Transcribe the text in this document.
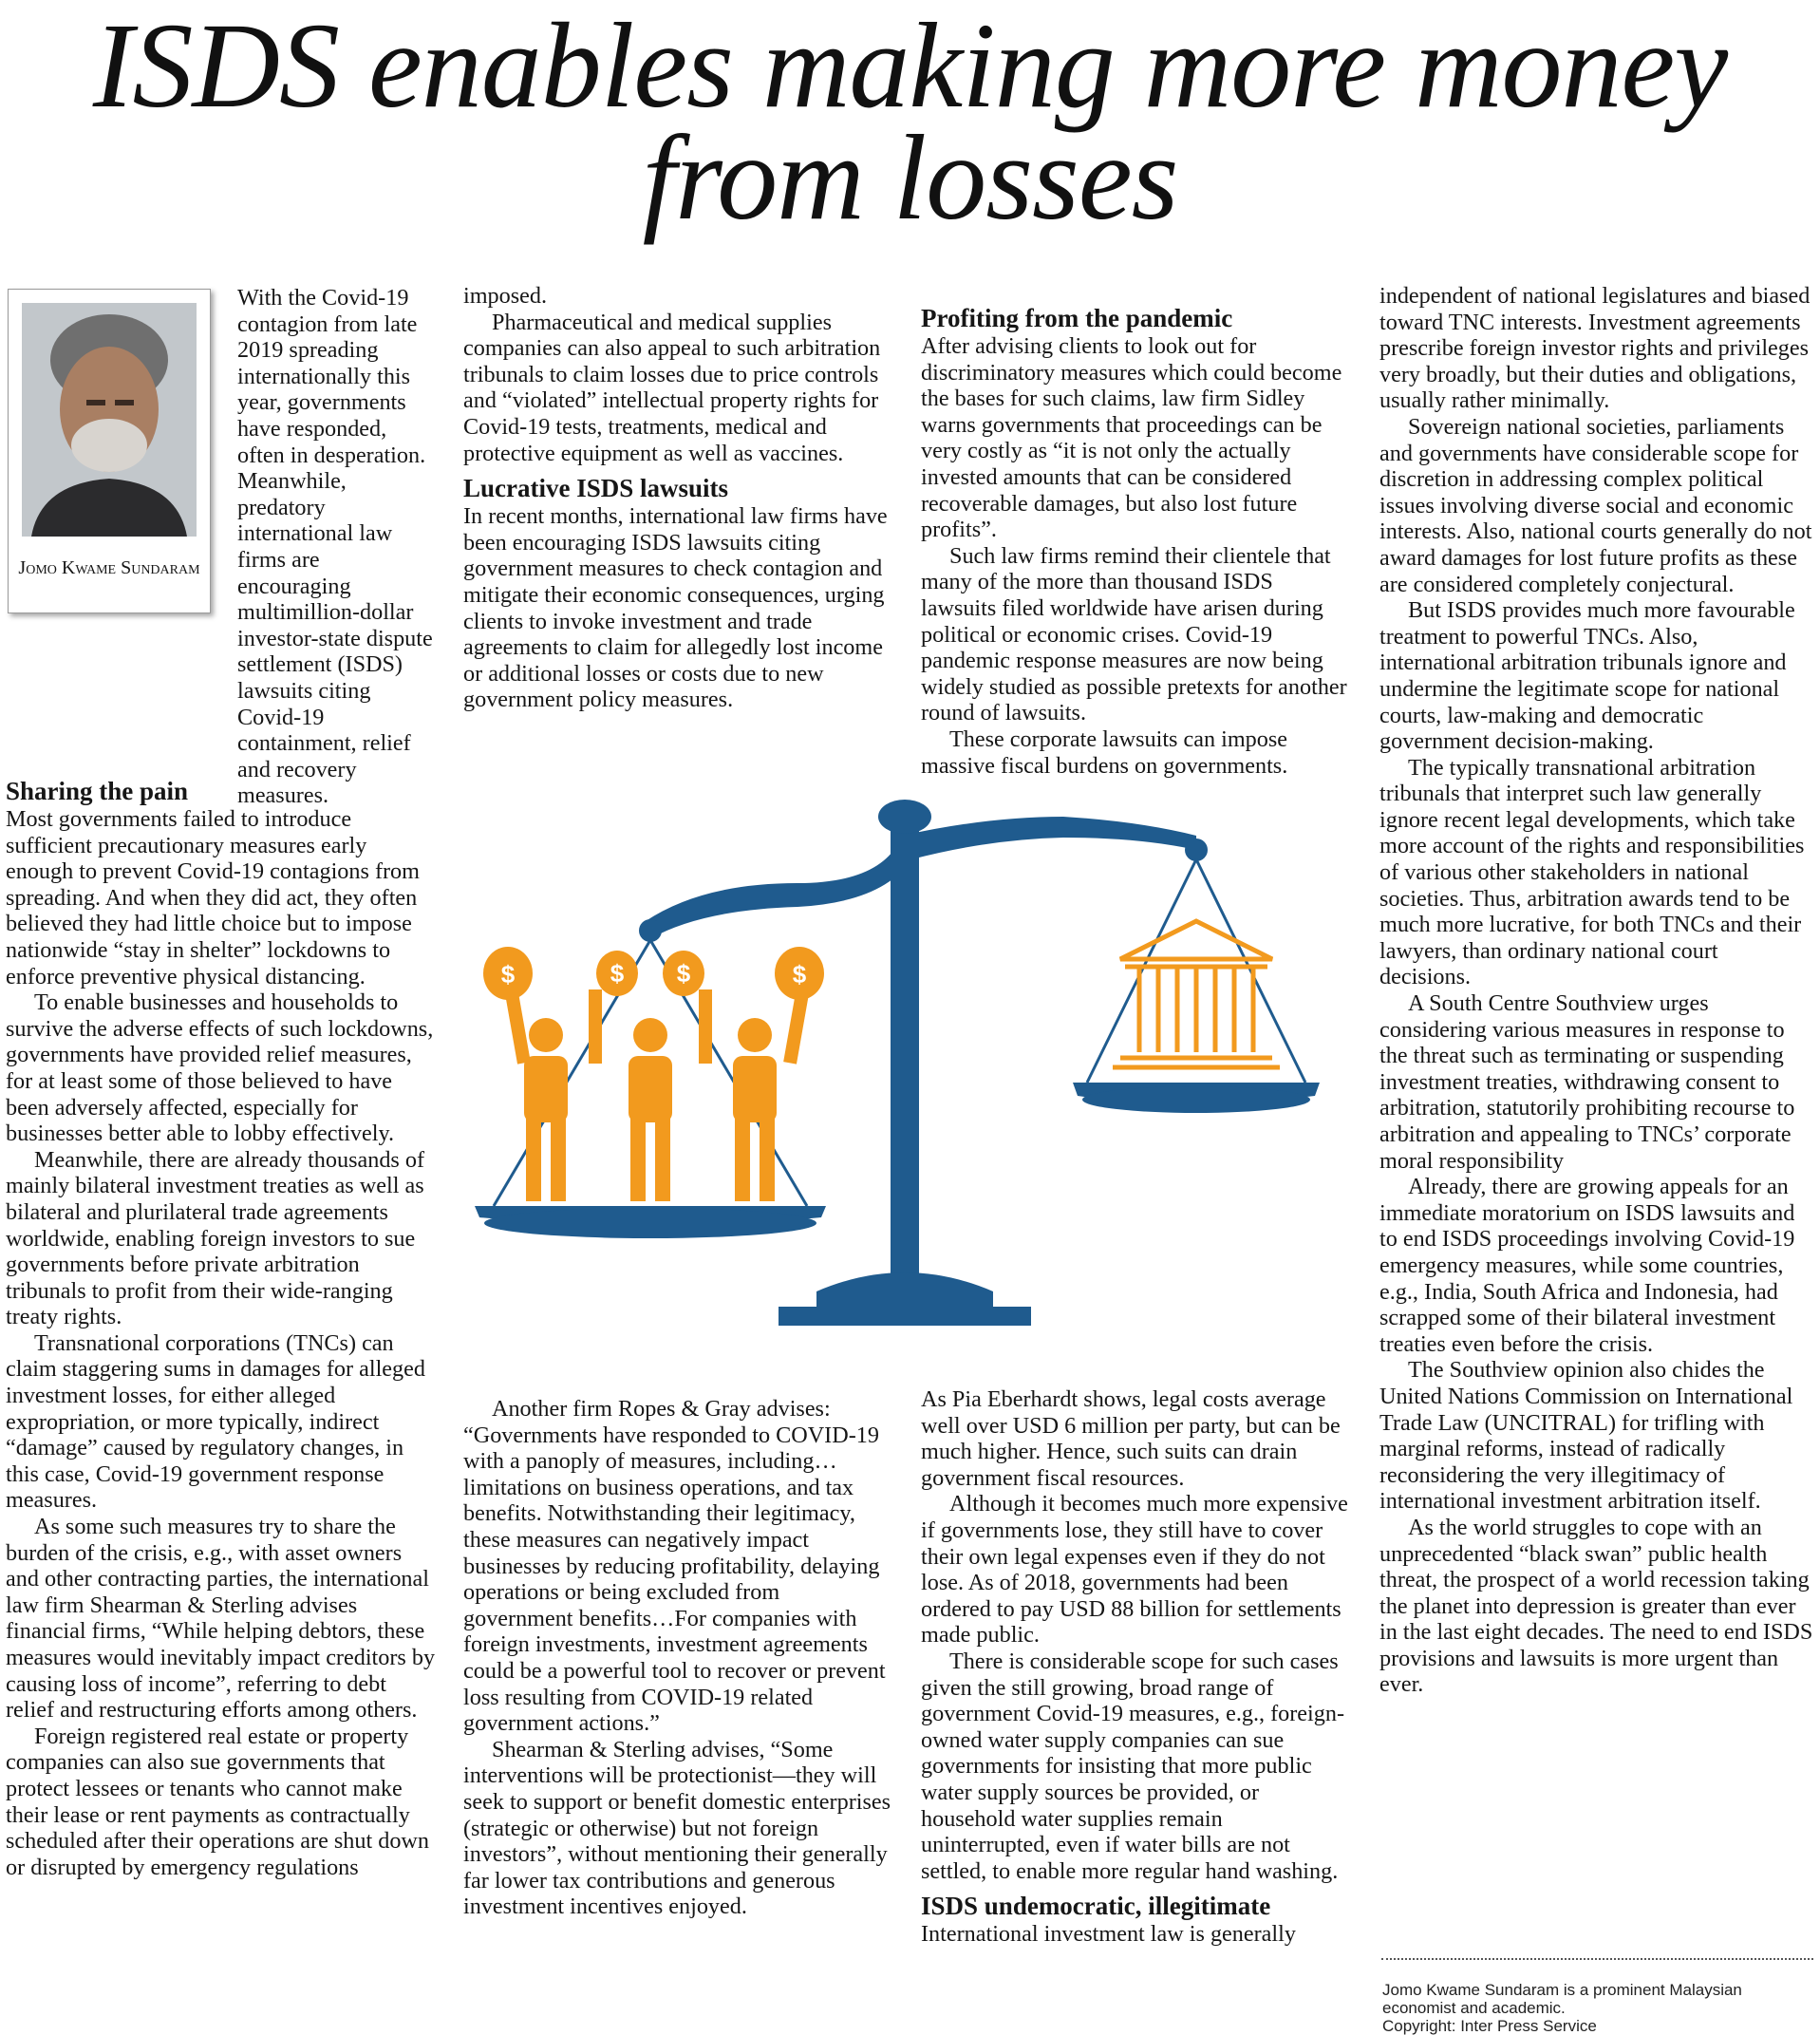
ISDS enables making more money
from losses
Jomo Kwame Sundaram

With the Covid-19 contagion from late 2019 spreading internationally this year, governments have responded, often in desperation. Meanwhile, predatory international law firms are encouraging multimillion-dollar investor-state dispute settlement (ISDS) lawsuits citing Covid-19 containment, relief and recovery measures.

Sharing the pain

Most governments failed to introduce sufficient precautionary measures early enough to prevent Covid-19 contagions from spreading. And when they did act, they often believed they had little choice but to impose nationwide “stay in shelter” lockdowns to enforce preventive physical distancing.

To enable businesses and households to survive the adverse effects of such lockdowns, governments have provided relief measures, for at least some of those believed to have been adversely affected, especially for businesses better able to lobby effectively.

Meanwhile, there are already thousands of mainly bilateral investment treaties as well as bilateral and plurilateral trade agreements worldwide, enabling foreign investors to sue governments before private arbitration tribunals to profit from their wide-ranging treaty rights.

Transnational corporations (TNCs) can claim staggering sums in damages for alleged investment losses, for either alleged expropriation, or more typically, indirect “damage” caused by regulatory changes, in this case, Covid-19 government response measures.

As some such measures try to share the burden of the crisis, e.g., with asset owners and other contracting parties, the international law firm Shearman & Sterling advises financial firms, “While helping debtors, these measures would inevitably impact creditors by causing loss of income”, referring to debt relief and restructuring efforts among others.

Foreign registered real estate or property companies can also sue governments that protect lessees or tenants who cannot make their lease or rent payments as contractually scheduled after their operations are shut down or disrupted by emergency regulations

imposed.

Pharmaceutical and medical supplies companies can also appeal to such arbitration tribunals to claim losses due to price controls and “violated” intellectual property rights for Covid-19 tests, treatments, medical and protective equipment as well as vaccines.

Lucrative ISDS lawsuits

In recent months, international law firms have been encouraging ISDS lawsuits citing government measures to check contagion and mitigate their economic consequences, urging clients to invoke investment and trade agreements to claim for allegedly lost income or additional losses or costs due to new government policy measures.

Profiting from the pandemic

After advising clients to look out for discriminatory measures which could become the bases for such claims, law firm Sidley warns governments that proceedings can be very costly as “it is not only the actually invested amounts that can be considered recoverable damages, but also lost future profits”.

Such law firms remind their clientele that many of the more than thousand ISDS lawsuits filed worldwide have arisen during political or economic crises. Covid-19 pandemic response measures are now being widely studied as possible pretexts for another round of lawsuits.

These corporate lawsuits can impose massive fiscal burdens on governments.

$	$ $	$

Another firm Ropes & Gray advises: “Governments have responded to COVID-19 with a panoply of measures, including…limitations on business operations, and tax benefits. Notwithstanding their legitimacy, these measures can negatively impact businesses by reducing profitability, delaying operations or being excluded from government benefits…For companies with foreign investments, investment agreements could be a powerful tool to recover or prevent loss resulting from COVID-19 related government actions.”

Shearman & Sterling advises, “Some interventions will be protectionist—they will seek to support or benefit domestic enterprises (strategic or otherwise) but not foreign investors”, without mentioning their generally far lower tax contributions and generous investment incentives enjoyed.

As Pia Eberhardt shows, legal costs average well over USD 6 million per party, but can be much higher. Hence, such suits can drain government fiscal resources.

Although it becomes much more expensive if governments lose, they still have to cover their own legal expenses even if they do not lose. As of 2018, governments had been ordered to pay USD 88 billion for settlements made public.

There is considerable scope for such cases given the still growing, broad range of government Covid-19 measures, e.g., foreign-owned water supply companies can sue governments for insisting that more public water supply sources be provided, or household water supplies remain uninterrupted, even if water bills are not settled, to enable more regular hand washing.

ISDS undemocratic, illegitimate

International investment law is generally

independent of national legislatures and biased toward TNC interests. Investment agreements prescribe foreign investor rights and privileges very broadly, but their duties and obligations, usually rather minimally.

Sovereign national societies, parliaments and governments have considerable scope for discretion in addressing complex political issues involving diverse social and economic interests. Also, national courts generally do not award damages for lost future profits as these are considered completely conjectural.

But ISDS provides much more favourable treatment to powerful TNCs. Also, international arbitration tribunals ignore and undermine the legitimate scope for national courts, law-making and democratic government decision-making.

The typically transnational arbitration tribunals that interpret such law generally ignore recent legal developments, which take more account of the rights and responsibilities of various other stakeholders in national societies. Thus, arbitration awards tend to be much more lucrative, for both TNCs and their lawyers, than ordinary national court decisions.

A South Centre Southview urges considering various measures in response to the threat such as terminating or suspending investment treaties, withdrawing consent to arbitration, statutorily prohibiting recourse to arbitration and appealing to TNCs’ corporate moral responsibility

Already, there are growing appeals for an immediate moratorium on ISDS lawsuits and to end ISDS proceedings involving Covid-19 emergency measures, while some countries, e.g., India, South Africa and Indonesia, had scrapped some of their bilateral investment treaties even before the crisis.

The Southview opinion also chides the United Nations Commission on International Trade Law (UNCITRAL) for trifling with marginal reforms, instead of radically reconsidering the very illegitimacy of international investment arbitration itself.

As the world struggles to cope with an unprecedented “black swan” public health threat, the prospect of a world recession taking the planet into depression is greater than ever in the last eight decades. The need to end ISDS provisions and lawsuits is more urgent than ever.

Jomo Kwame Sundaram is a prominent Malaysian economist and academic.
Copyright: Inter Press Service
